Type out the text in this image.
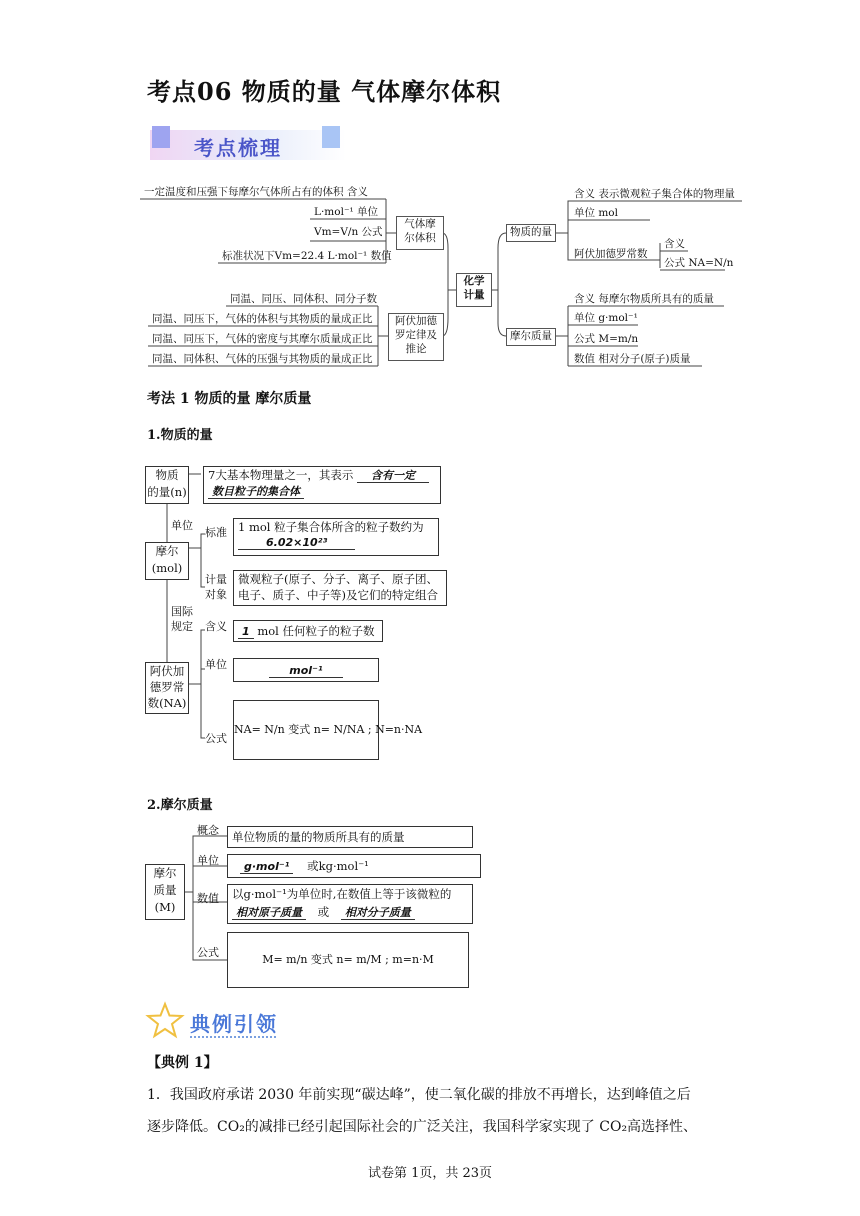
考点06 物质的量 气体摩尔体积
考点梳理
一定温度和压强下每摩尔气体所占有的体积 含义
L·mol⁻¹ 单位
Vm=V/n 公式
标准状况下Vm=22.4 L·mol⁻¹ 数值
气体摩
尔体积
阿伏加德
罗定律及
推论
同温、同压、同体积、同分子数
同温、同压下，气体的体积与其物质的量成正比
同温、同压下，气体的密度与其摩尔质量成正比
同温、同体积、气体的压强与其物质的量成正比
化学
计量
物质的量
摩尔质量
含义 表示微观粒子集合体的物理量
单位 mol
阿伏加德罗常数
含义
公式 NA=N/n
含义 每摩尔物质所具有的质量
单位 g·mol⁻¹
公式 M=m/n
数值 相对分子(原子)质量
考法 1 物质的量 摩尔质量
1.物质的量
物质
的量(n)
7大基本物理量之一，其表示 含有一定
数目粒子的集合体
单位
摩尔
(mol)
标准 1 mol 粒子集合体所含的粒子数约为
6.02×10²³
计量
对象
微观粒子(原子、分子、离子、原子团、
电子、质子、中子等)及它们的特定组合
国际
规定 含义	1 mol 任何粒子的粒子数
阿伏加
德罗常
数(NA)
单位	mol⁻¹
公式
NA= N/n 变式 n= N/NA ; N=n·NA
2.摩尔质量
摩尔
质量
(M)
概念	单位物质的量的物质所具有的质量
单位	g·mol⁻¹ 或kg·mol⁻¹
数值	以g·mol⁻¹为单位时,在数值上等于该微粒的
相对原子质量 或 相对分子质量
公式
M= m/n 变式 n= m/M ; m=n·M
典例引领
【典例 1】
1．我国政府承诺 2030 年前实现“碳达峰”，使二氧化碳的排放不再增长，达到峰值之后
逐步降低。CO₂的减排已经引起国际社会的广泛关注，我国科学家实现了 CO₂高选择性、
试卷第 1页，共 23页
